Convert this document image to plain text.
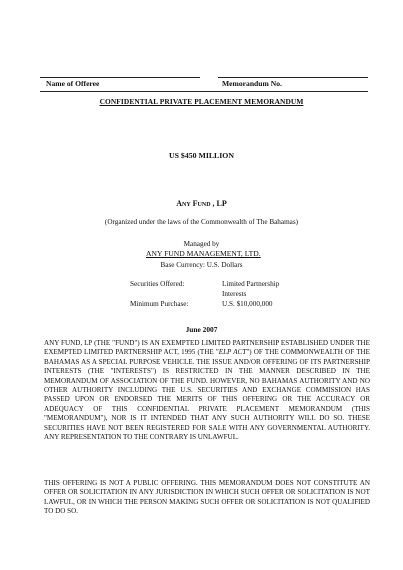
Name of Offeree	Memorandum No.
CONFIDENTIAL PRIVATE PLACEMENT MEMORANDUM
US $450 MILLION
Any Fund , LP
(Organized under the laws of the Commonwealth of The Bahamas)
Managed by
ANY FUND MANAGEMENT, LTD.
Base Currency: U.S. Dollars
Securities Offered:	Limited Partnership
Interests
Minimum Purchase:	U.S. $10,000,000
June 2007
ANY FUND, LP (THE "FUND") IS AN EXEMPTED LIMITED PARTNERSHIP ESTABLISHED UNDER THE EXEMPTED LIMITED PARTNERSHIP ACT, 1995 (THE "ELP ACT") OF THE COMMONWEALTH OF THE BAHAMAS AS A SPECIAL PURPOSE VEHICLE. THE ISSUE AND/OR OFFERING OF ITS PARTNERSHIP INTERESTS (THE "INTERESTS") IS RESTRICTED IN THE MANNER DESCRIBED IN THE MEMORANDUM OF ASSOCIATION OF THE FUND. HOWEVER, NO BAHAMAS AUTHORITY AND NO OTHER AUTHORITY INCLUDING THE U.S. SECURITIES AND EXCHANGE COMMISSION HAS PASSED UPON OR ENDORSED THE MERITS OF THIS OFFERING OR THE ACCURACY OR ADEQUACY OF THIS CONFIDENTIAL PRIVATE PLACEMENT MEMORANDUM (THIS "MEMORANDUM"), NOR IS IT INTENDED THAT ANY SUCH AUTHORITY WILL DO SO. THESE SECURITIES HAVE NOT BEEN REGISTERED FOR SALE WITH ANY GOVERNMENTAL AUTHORITY. ANY REPRESENTATION TO THE CONTRARY IS UNLAWFUL.
THIS OFFERING IS NOT A PUBLIC OFFERING. THIS MEMORANDUM DOES NOT CONSTITUTE AN OFFER OR SOLICITATION IN ANY JURISDICTION IN WHICH SUCH OFFER OR SOLICITATION IS NOT LAWFUL, OR IN WHICH THE PERSON MAKING SUCH OFFER OR SOLICITATION IS NOT QUALIFIED TO DO SO.
